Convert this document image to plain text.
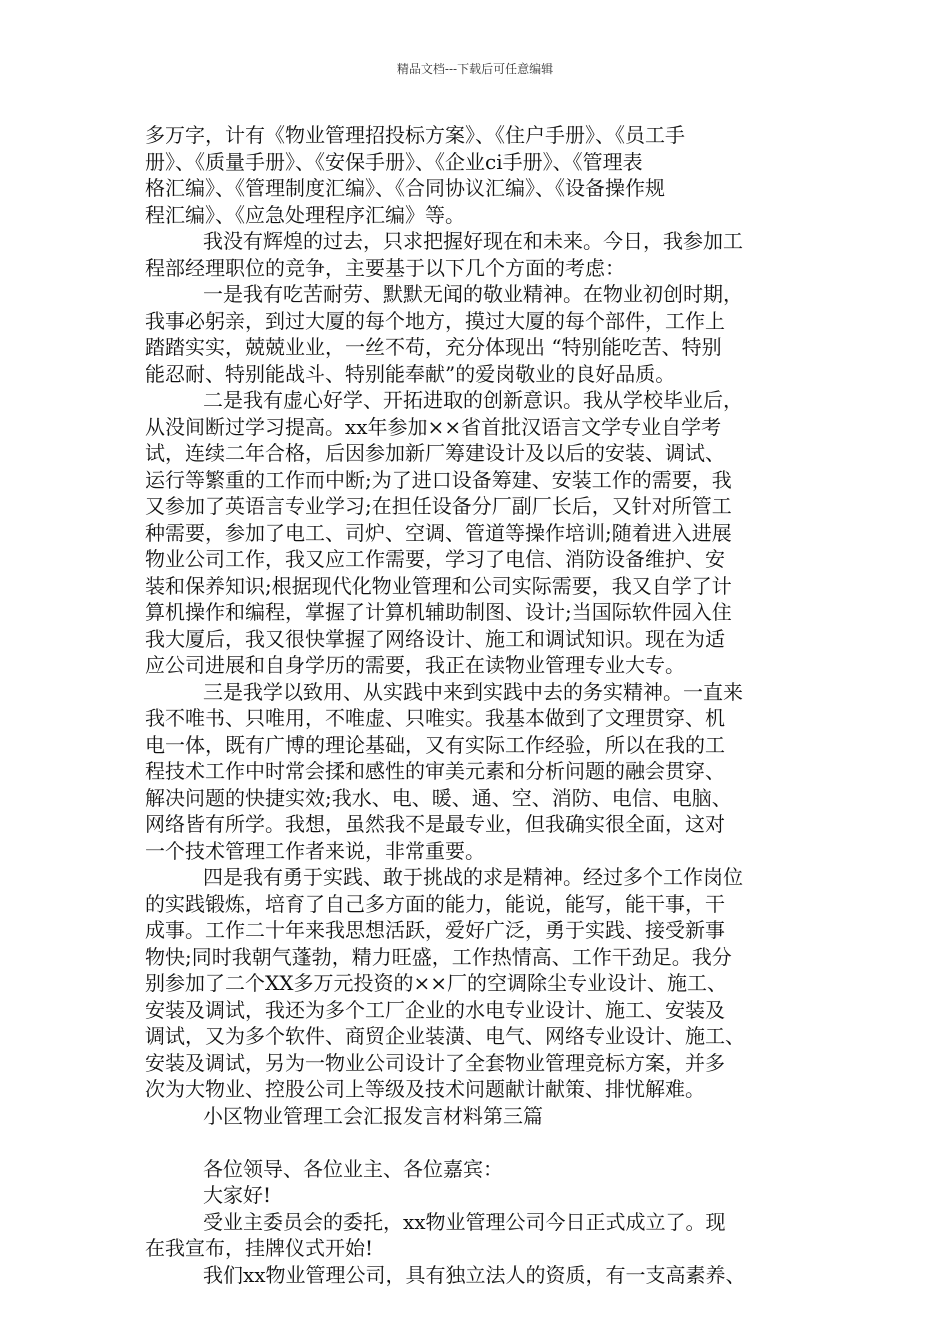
精品文档---下载后可任意编辑
多万字，计有《物业管理招投标方案》、《住户手册》、《员工手
册》、《质量手册》、《安保手册》、《企业ci手册》、《管理表
格汇编》、《管理制度汇编》、《合同协议汇编》、《设备操作规
程汇编》、《应急处理程序汇编》等。
我没有辉煌的过去，只求把握好现在和未来。今日，我参加工
程部经理职位的竞争，主要基于以下几个方面的考虑：
一是我有吃苦耐劳、默默无闻的敬业精神。在物业初创时期，
我事必躬亲，到过大厦的每个地方，摸过大厦的每个部件，工作上
踏踏实实，兢兢业业，一丝不苟，充分体现出 “特别能吃苦、特别
能忍耐、特别能战斗、特别能奉献”的爱岗敬业的良好品质。
二是我有虚心好学、开拓进取的创新意识。我从学校毕业后，
从没间断过学习提高。xx年参加××省首批汉语言文学专业自学考
试，连续二年合格，后因参加新厂筹建设计及以后的安装、调试、
运行等繁重的工作而中断;为了进口设备筹建、安装工作的需要，我
又参加了英语言专业学习;在担任设备分厂副厂长后，又针对所管工
种需要，参加了电工、司炉、空调、管道等操作培训;随着进入进展
物业公司工作，我又应工作需要，学习了电信、消防设备维护、安
装和保养知识;根据现代化物业管理和公司实际需要，我又自学了计
算机操作和编程，掌握了计算机辅助制图、设计;当国际软件园入住
我大厦后，我又很快掌握了网络设计、施工和调试知识。现在为适
应公司进展和自身学历的需要，我正在读物业管理专业大专。
三是我学以致用、从实践中来到实践中去的务实精神。一直来
我不唯书、只唯用，不唯虚、只唯实。我基本做到了文理贯穿、机
电一体，既有广博的理论基础，又有实际工作经验，所以在我的工
程技术工作中时常会揉和感性的审美元素和分析问题的融会贯穿、
解决问题的快捷实效;我水、电、暖、通、空、消防、电信、电脑、
网络皆有所学。我想，虽然我不是最专业，但我确实很全面，这对
一个技术管理工作者来说，非常重要。
四是我有勇于实践、敢于挑战的求是精神。经过多个工作岗位
的实践锻炼，培育了自己多方面的能力，能说，能写，能干事，干
成事。工作二十年来我思想活跃，爱好广泛，勇于实践、接受新事
物快;同时我朝气蓬勃，精力旺盛，工作热情高、工作干劲足。我分
别参加了二个XX多万元投资的××厂的空调除尘专业设计、施工、
安装及调试，我还为多个工厂企业的水电专业设计、施工、安装及
调试，又为多个软件、商贸企业装潢、电气、网络专业设计、施工、
安装及调试，另为一物业公司设计了全套物业管理竞标方案，并多
次为大物业、控股公司上等级及技术问题献计献策、排忧解难。
小区物业管理工会汇报发言材料第三篇
各位领导、各位业主、各位嘉宾：
大家好!
受业主委员会的委托，xx物业管理公司今日正式成立了。现
在我宣布，挂牌仪式开始!
我们xx物业管理公司，具有独立法人的资质，有一支高素养、
